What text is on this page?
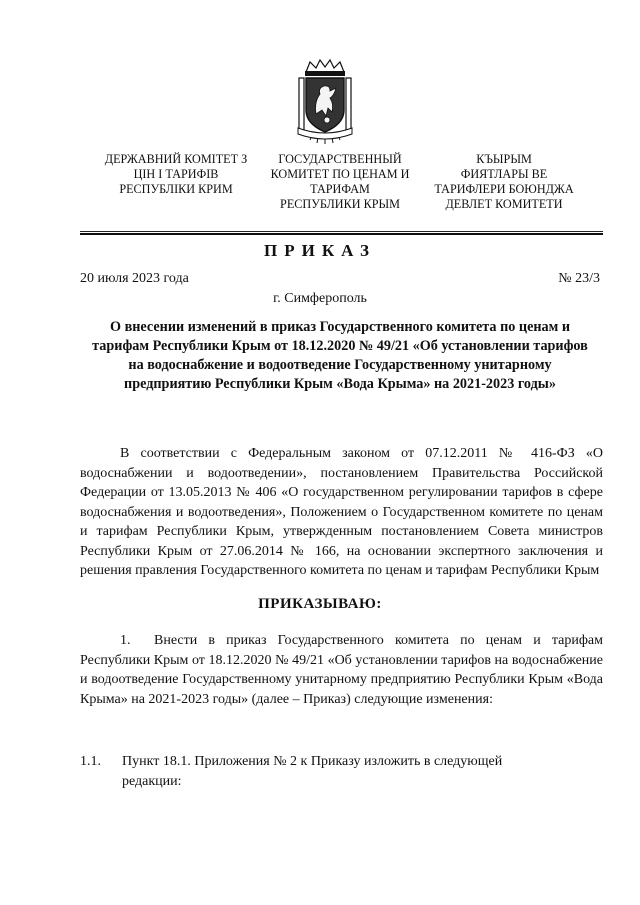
ДЕРЖАВНИЙ КОМІТЕТ З
ЦІН І ТАРИФІВ
РЕСПУБЛІКИ КРИМ
ГОСУДАРСТВЕННЫЙ
КОМИТЕТ ПО ЦЕНАМ И
ТАРИФАМ
РЕСПУБЛИКИ КРЫМ
КЪЫРЫМ
ФИЯТЛАРЫ ВЕ
ТАРИФЛЕРИ БОЮНДЖА
ДЕВЛЕТ КОМИТЕТИ
ПРИКАЗ
20 июля 2023 года	№ 23/3
г. Симферополь
О внесении изменений в приказ Государственного комитета по ценам и тарифам Республики Крым от 18.12.2020 № 49/21 «Об установлении тарифов на водоснабжение и водоотведение Государственному унитарному предприятию Республики Крым «Вода Крыма» на 2021-2023 годы»
В соответствии с Федеральным законом от 07.12.2011 № 416-ФЗ «О водоснабжении и водоотведении», постановлением Правительства Российской Федерации от 13.05.2013 № 406 «О государственном регулировании тарифов в сфере водоснабжения и водоотведения», Положением о Государственном комитете по ценам и тарифам Республики Крым, утвержденным постановлением Совета министров Республики Крым от 27.06.2014 № 166, на основании экспертного заключения и решения правления Государственного комитета по ценам и тарифам Республики Крым
ПРИКАЗЫВАЮ:
1. Внести в приказ Государственного комитета по ценам и тарифам Республики Крым от 18.12.2020 № 49/21 «Об установлении тарифов на водоснабжение и водоотведение Государственному унитарному предприятию Республики Крым «Вода Крыма» на 2021-2023 годы» (далее – Приказ) следующие изменения:
1.1. Пункт 18.1. Приложения № 2 к Приказу изложить в следующей
редакции:
